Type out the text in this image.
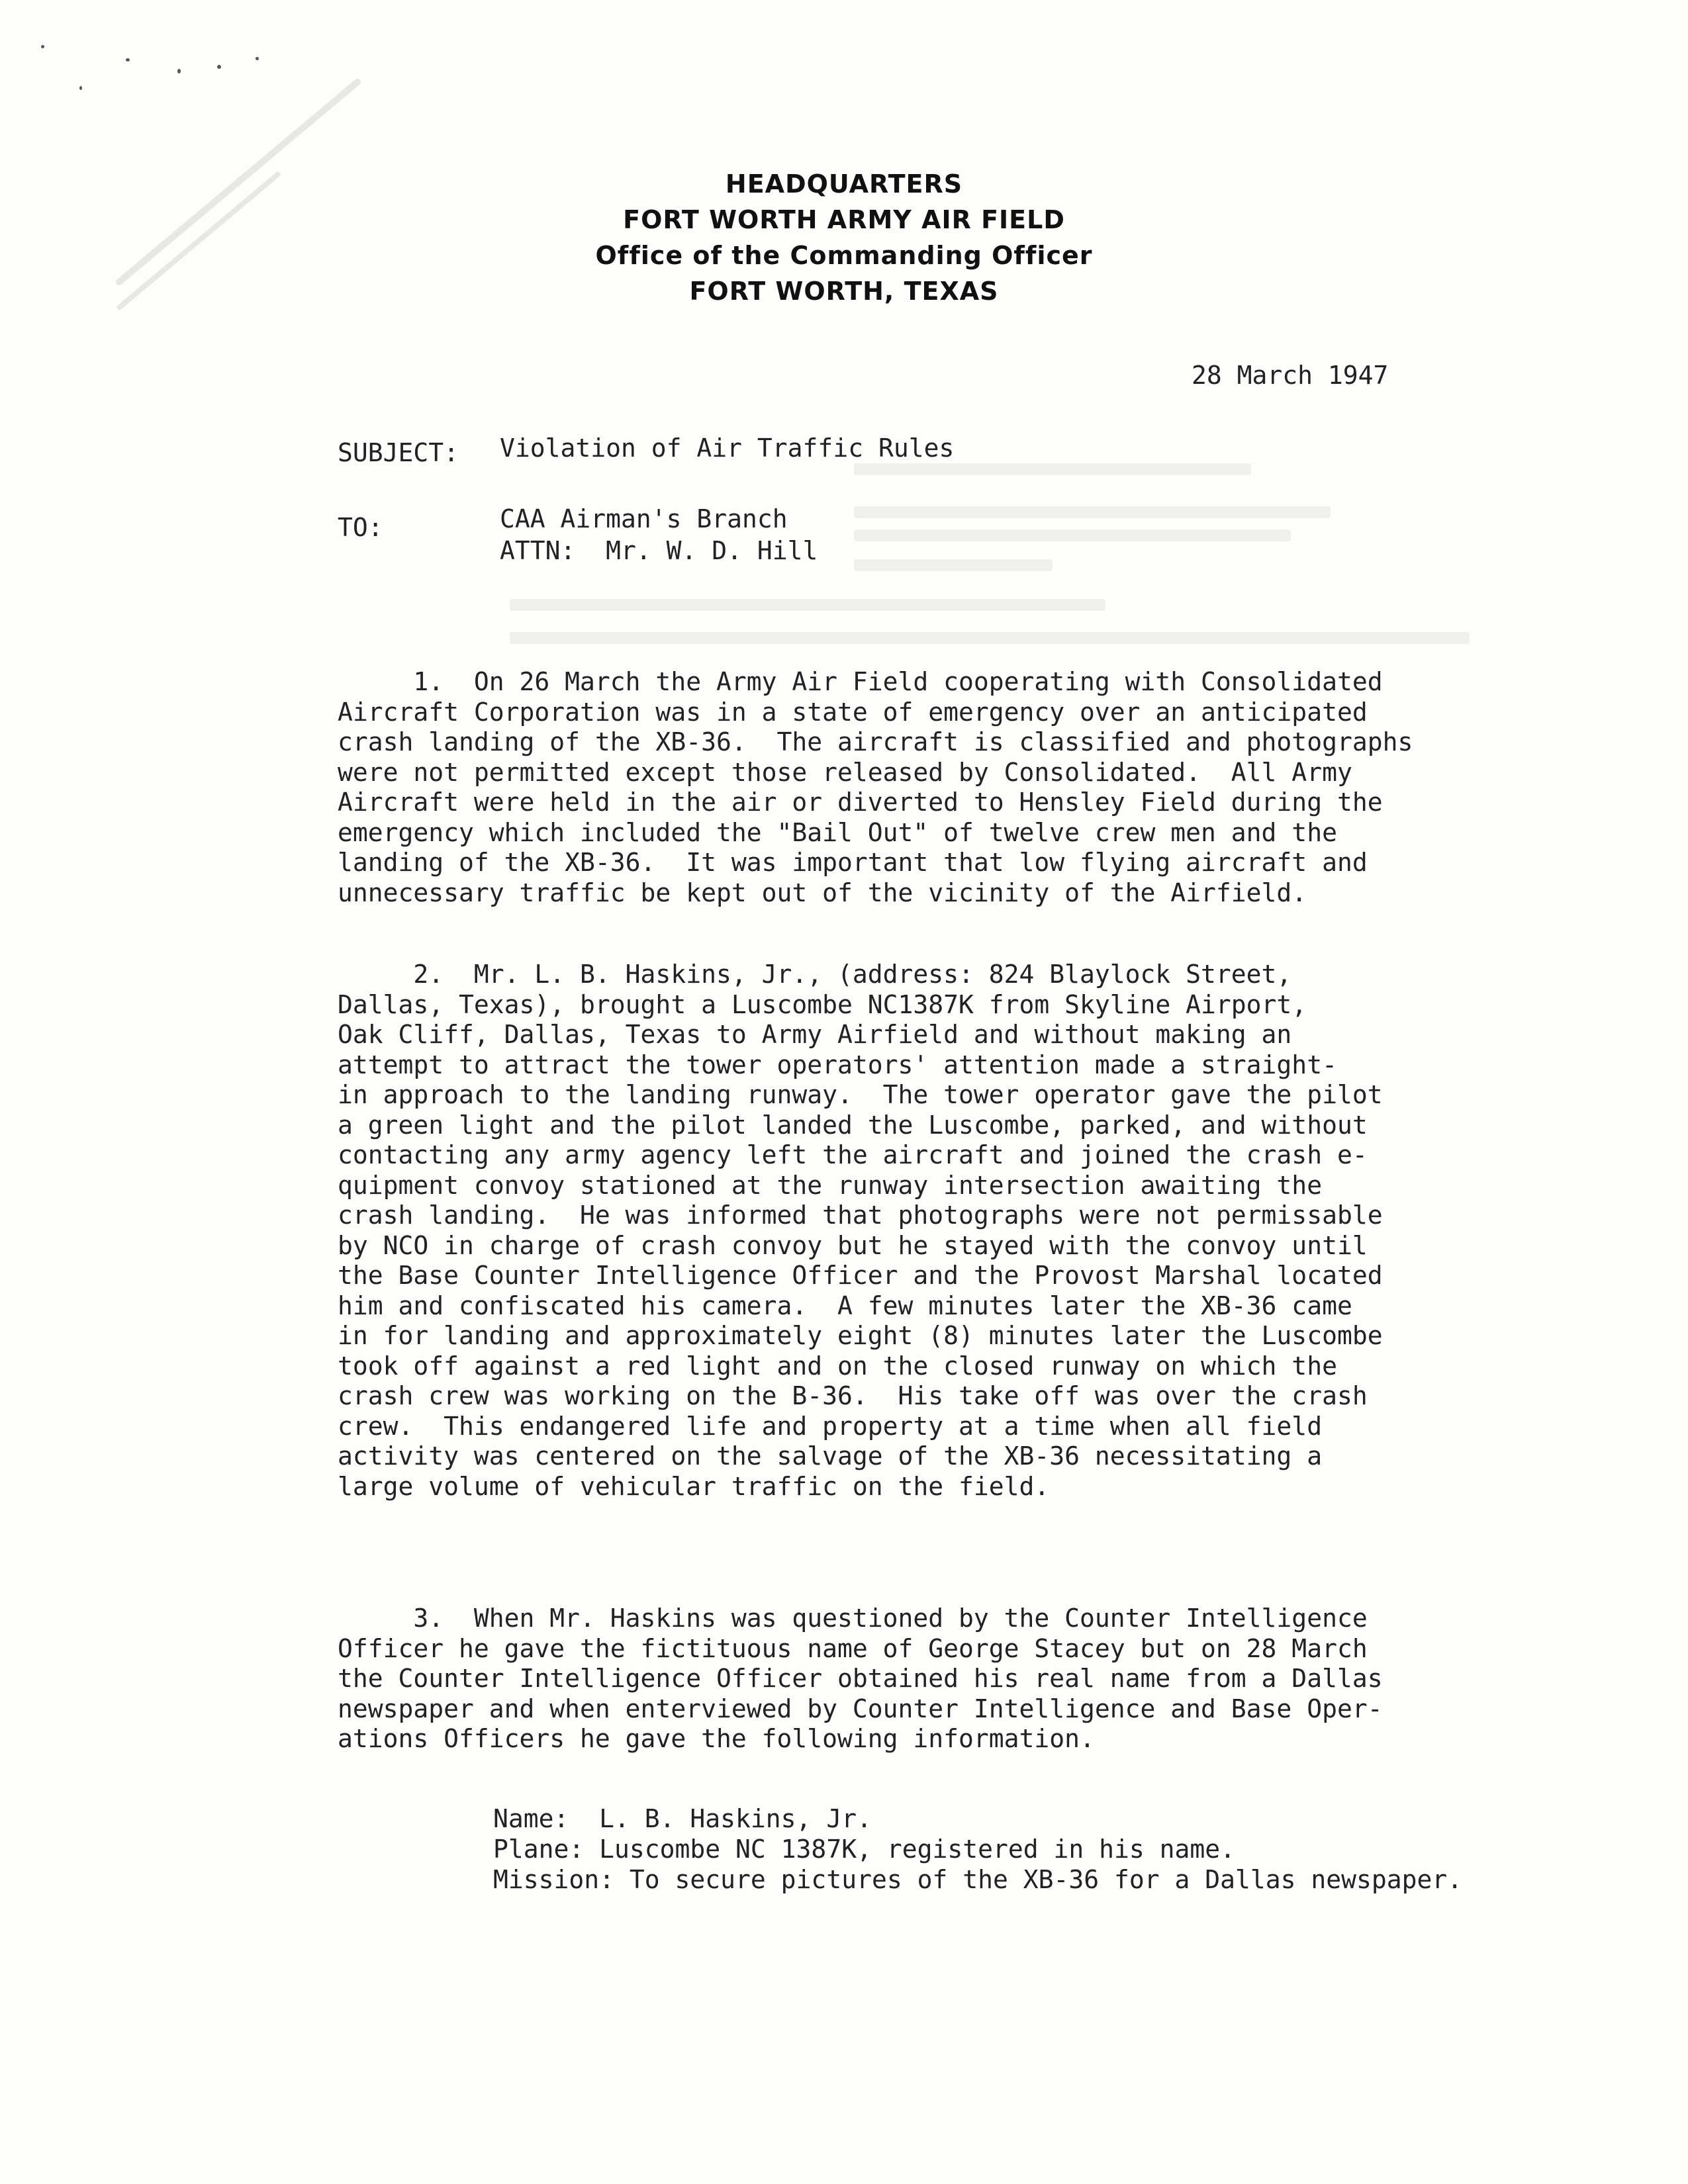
HEADQUARTERS
FORT WORTH ARMY AIR FIELD
Office of the Commanding Officer
FORT WORTH, TEXAS
28 March 1947
SUBJECT: Violation of Air Traffic Rules
TO:	CAA Airman's Branch
ATTN:  Mr. W. D. Hill
1.  On 26 March the Army Air Field cooperating with Consolidated
Aircraft Corporation was in a state of emergency over an anticipated
crash landing of the XB-36.  The aircraft is classified and photographs
were not permitted except those released by Consolidated.  All Army
Aircraft were held in the air or diverted to Hensley Field during the
emergency which included the "Bail Out" of twelve crew men and the
landing of the XB-36.  It was important that low flying aircraft and
unnecessary traffic be kept out of the vicinity of the Airfield.
2.  Mr. L. B. Haskins, Jr., (address: 824 Blaylock Street,
Dallas, Texas), brought a Luscombe NC1387K from Skyline Airport,
Oak Cliff, Dallas, Texas to Army Airfield and without making an
attempt to attract the tower operators' attention made a straight-
in approach to the landing runway.  The tower operator gave the pilot
a green light and the pilot landed the Luscombe, parked, and without
contacting any army agency left the aircraft and joined the crash e-
quipment convoy stationed at the runway intersection awaiting the
crash landing.  He was informed that photographs were not permissable
by NCO in charge of crash convoy but he stayed with the convoy until
the Base Counter Intelligence Officer and the Provost Marshal located
him and confiscated his camera.  A few minutes later the XB-36 came
in for landing and approximately eight (8) minutes later the Luscombe
took off against a red light and on the closed runway on which the
crash crew was working on the B-36.  His take off was over the crash
crew.  This endangered life and property at a time when all field
activity was centered on the salvage of the XB-36 necessitating a
large volume of vehicular traffic on the field.
3.  When Mr. Haskins was questioned by the Counter Intelligence
Officer he gave the fictituous name of George Stacey but on 28 March
the Counter Intelligence Officer obtained his real name from a Dallas
newspaper and when enterviewed by Counter Intelligence and Base Oper-
ations Officers he gave the following information.
Name:  L. B. Haskins, Jr.
Plane: Luscombe NC 1387K, registered in his name.
Mission: To secure pictures of the XB-36 for a Dallas newspaper.
